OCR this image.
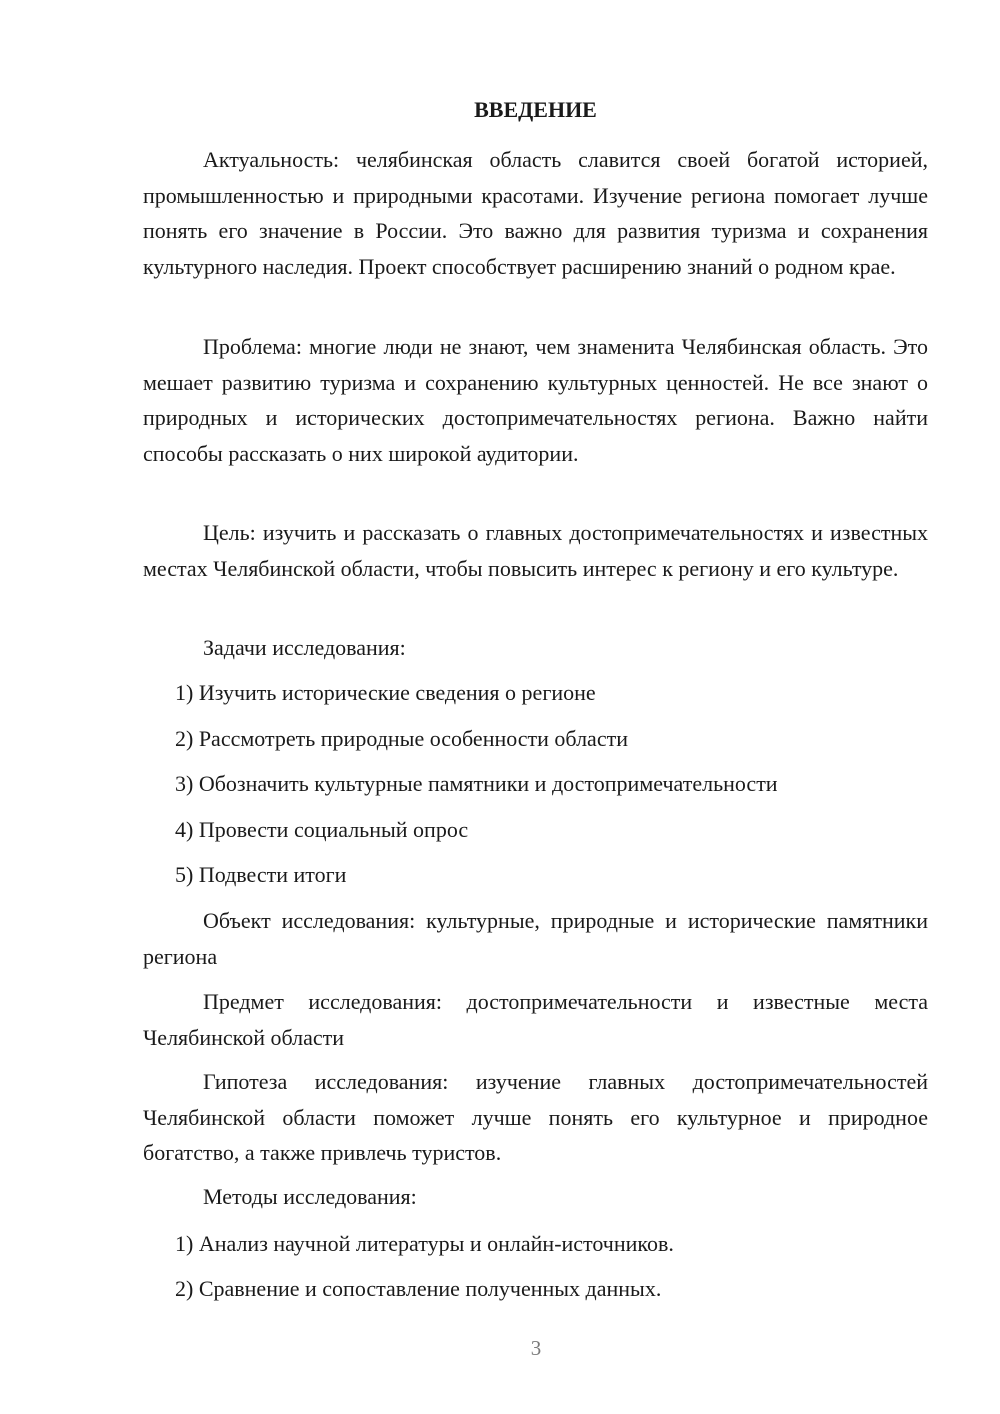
ВВЕДЕНИЕ

Актуальность: челябинская область славится своей богатой историей, промышленностью и природными красотами. Изучение региона помогает лучше понять его значение в России. Это важно для развития туризма и сохранения культурного наследия. Проект способствует расширению знаний о родном крае.

Проблема: многие люди не знают, чем знаменита Челябинская область. Это мешает развитию туризма и сохранению культурных ценностей. Не все знают о природных и исторических достопримечательностях региона. Важно найти способы рассказать о них широкой аудитории.

Цель: изучить и рассказать о главных достопримечательностях и известных местах Челябинской области, чтобы повысить интерес к региону и его культуре.

Задачи исследования:

1) Изучить исторические сведения о регионе

2) Рассмотреть природные особенности области

3) Обозначить культурные памятники и достопримечательности

4) Провести социальный опрос

5) Подвести итоги

Объект исследования: культурные, природные и исторические памятники региона

Предмет исследования: достопримечательности и известные места Челябинской области

Гипотеза исследования: изучение главных достопримечательностей Челябинской области поможет лучше понять его культурное и природное богатство, а также привлечь туристов.

Методы исследования:

1) Анализ научной литературы и онлайн-источников.

2) Сравнение и сопоставление полученных данных.

3
